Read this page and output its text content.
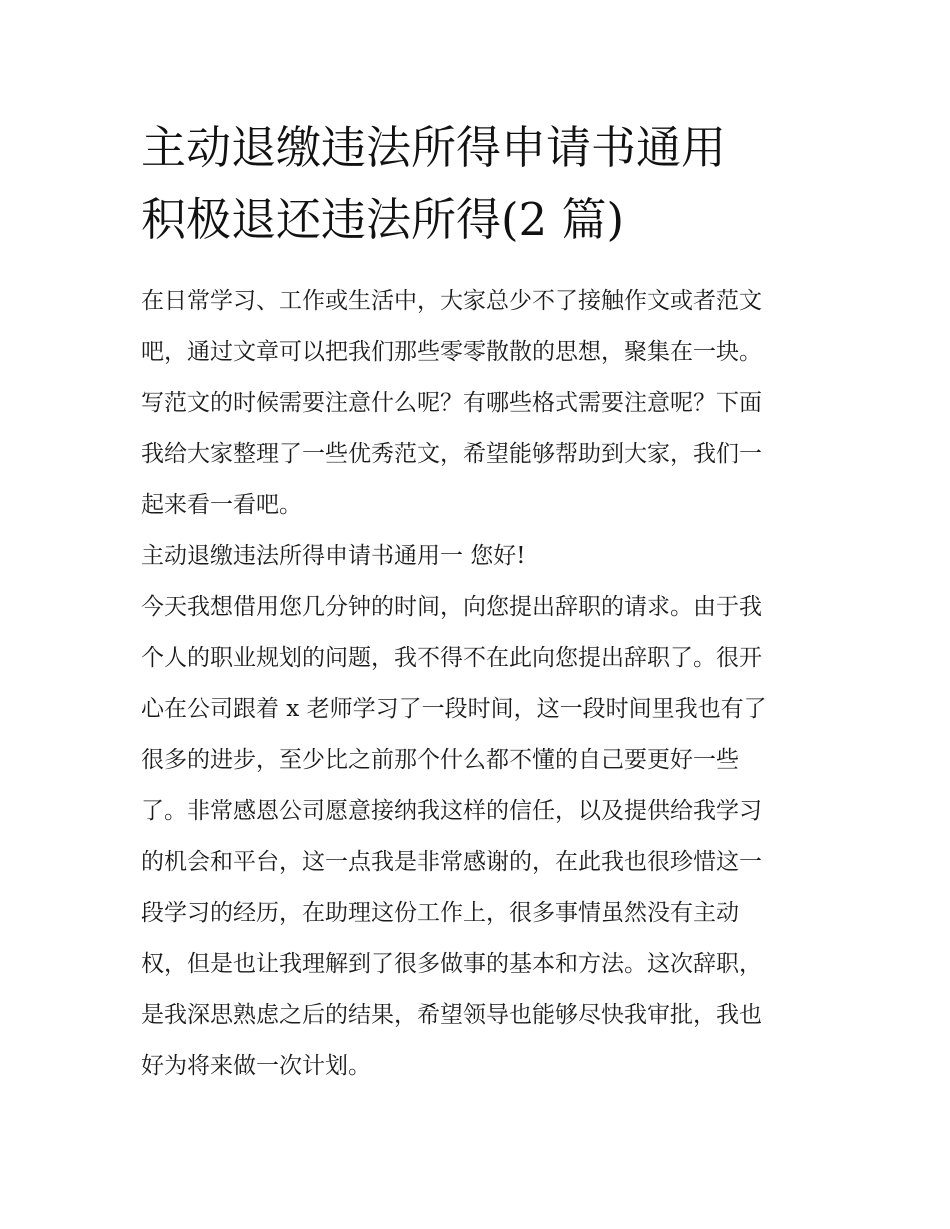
主动退缴违法所得申请书通用
积极退还违法所得(2 篇)
在日常学习、工作或生活中，大家总少不了接触作文或者范文
吧，通过文章可以把我们那些零零散散的思想，聚集在一块。
写范文的时候需要注意什么呢？有哪些格式需要注意呢？下面
我给大家整理了一些优秀范文，希望能够帮助到大家，我们一
起来看一看吧。
主动退缴违法所得申请书通用一 您好!
今天我想借用您几分钟的时间，向您提出辞职的请求。由于我
个人的职业规划的问题，我不得不在此向您提出辞职了。很开
心在公司跟着 x 老师学习了一段时间，这一段时间里我也有了
很多的进步，至少比之前那个什么都不懂的自己要更好一些
了。非常感恩公司愿意接纳我这样的信任，以及提供给我学习
的机会和平台，这一点我是非常感谢的，在此我也很珍惜这一
段学习的经历，在助理这份工作上，很多事情虽然没有主动
权，但是也让我理解到了很多做事的基本和方法。这次辞职，
是我深思熟虑之后的结果，希望领导也能够尽快我审批，我也
好为将来做一次计划。
